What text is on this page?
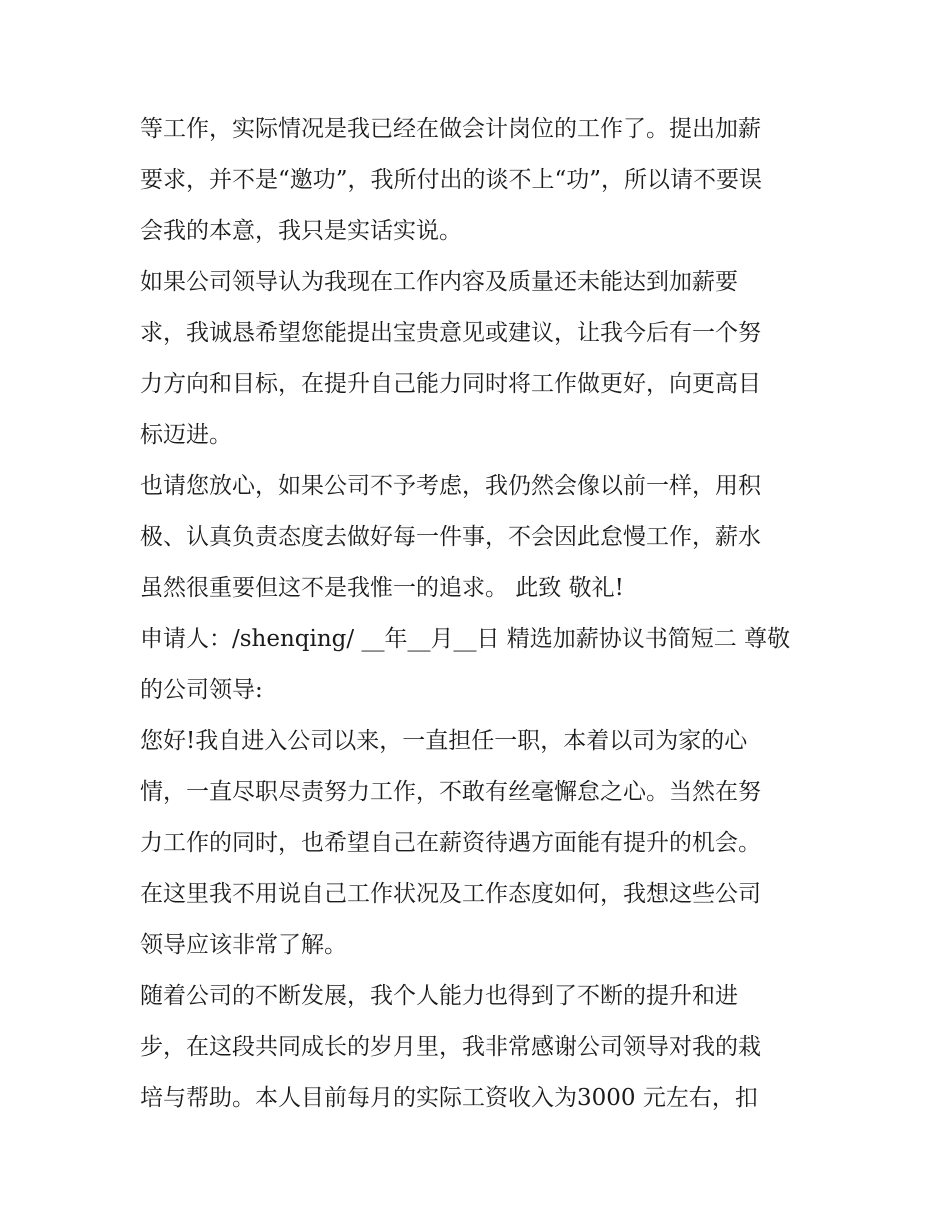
等工作，实际情况是我已经在做会计岗位的工作了。提出加薪
要求，并不是“邀功”，我所付出的谈不上“功”，所以请不要误
会我的本意，我只是实话实说。
如果公司领导认为我现在工作内容及质量还未能达到加薪要
求，我诚恳希望您能提出宝贵意见或建议，让我今后有一个努
力方向和目标，在提升自己能力同时将工作做更好，向更高目
标迈进。
也请您放心，如果公司不予考虑，我仍然会像以前一样，用积
极、认真负责态度去做好每一件事，不会因此怠慢工作，薪水
虽然很重要但这不是我惟一的追求。 此致 敬礼!
申请人：/shenqing/ __年__月__日 精选加薪协议书简短二 尊敬
的公司领导:
您好!我自进入公司以来，一直担任一职，本着以司为家的心
情，一直尽职尽责努力工作，不敢有丝毫懈怠之心。当然在努
力工作的同时，也希望自己在薪资待遇方面能有提升的机会。
在这里我不用说自己工作状况及工作态度如何，我想这些公司
领导应该非常了解。
随着公司的不断发展，我个人能力也得到了不断的提升和进
步，在这段共同成长的岁月里，我非常感谢公司领导对我的栽
培与帮助。本人目前每月的实际工资收入为3000 元左右，扣
